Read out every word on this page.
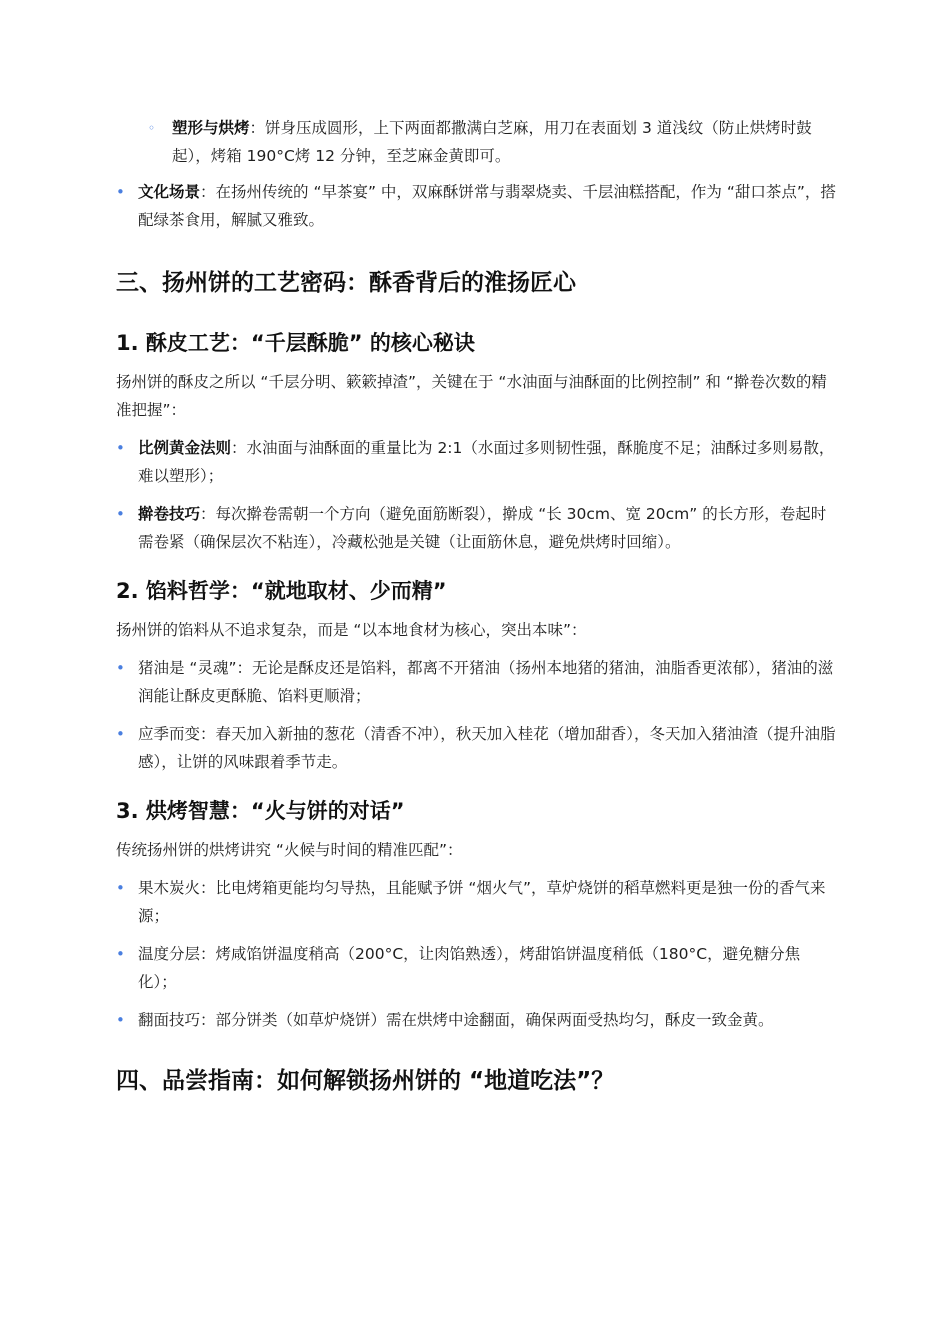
◦ 塑形与烘烤：饼身压成圆形，上下两面都撒满白芝麻，用刀在表面划 3 道浅纹（防止烘烤时鼓起），烤箱 190°C烤 12 分钟，至芝麻金黄即可。
• 文化场景：在扬州传统的 “早茶宴” 中，双麻酥饼常与翡翠烧卖、千层油糕搭配，作为 “甜口茶点”，搭配绿茶食用，解腻又雅致。
三、扬州饼的工艺密码：酥香背后的淮扬匠心
1. 酥皮工艺：“千层酥脆” 的核心秘诀
扬州饼的酥皮之所以 “千层分明、簌簌掉渣”，关键在于 “水油面与油酥面的比例控制” 和 “擀卷次数的精准把握”：
• 比例黄金法则：水油面与油酥面的重量比为 2:1（水面过多则韧性强，酥脆度不足；油酥过多则易散，难以塑形）；
• 擀卷技巧：每次擀卷需朝一个方向（避免面筋断裂），擀成 “长 30cm、宽 20cm” 的长方形，卷起时需卷紧（确保层次不粘连），冷藏松弛是关键（让面筋休息，避免烘烤时回缩）。
2. 馅料哲学：“就地取材、少而精”
扬州饼的馅料从不追求复杂，而是 “以本地食材为核心，突出本味”：
• 猪油是 “灵魂”：无论是酥皮还是馅料，都离不开猪油（扬州本地猪的猪油，油脂香更浓郁），猪油的滋润能让酥皮更酥脆、馅料更顺滑；
• 应季而变：春天加入新抽的葱花（清香不冲），秋天加入桂花（增加甜香），冬天加入猪油渣（提升油脂感），让饼的风味跟着季节走。
3. 烘烤智慧：“火与饼的对话”
传统扬州饼的烘烤讲究 “火候与时间的精准匹配”：
• 果木炭火：比电烤箱更能均匀导热，且能赋予饼 “烟火气”，草炉烧饼的稻草燃料更是独一份的香气来源；
• 温度分层：烤咸馅饼温度稍高（200°C，让肉馅熟透），烤甜馅饼温度稍低（180°C，避免糖分焦化）；
• 翻面技巧：部分饼类（如草炉烧饼）需在烘烤中途翻面，确保两面受热均匀，酥皮一致金黄。
四、品尝指南：如何解锁扬州饼的 “地道吃法”？
